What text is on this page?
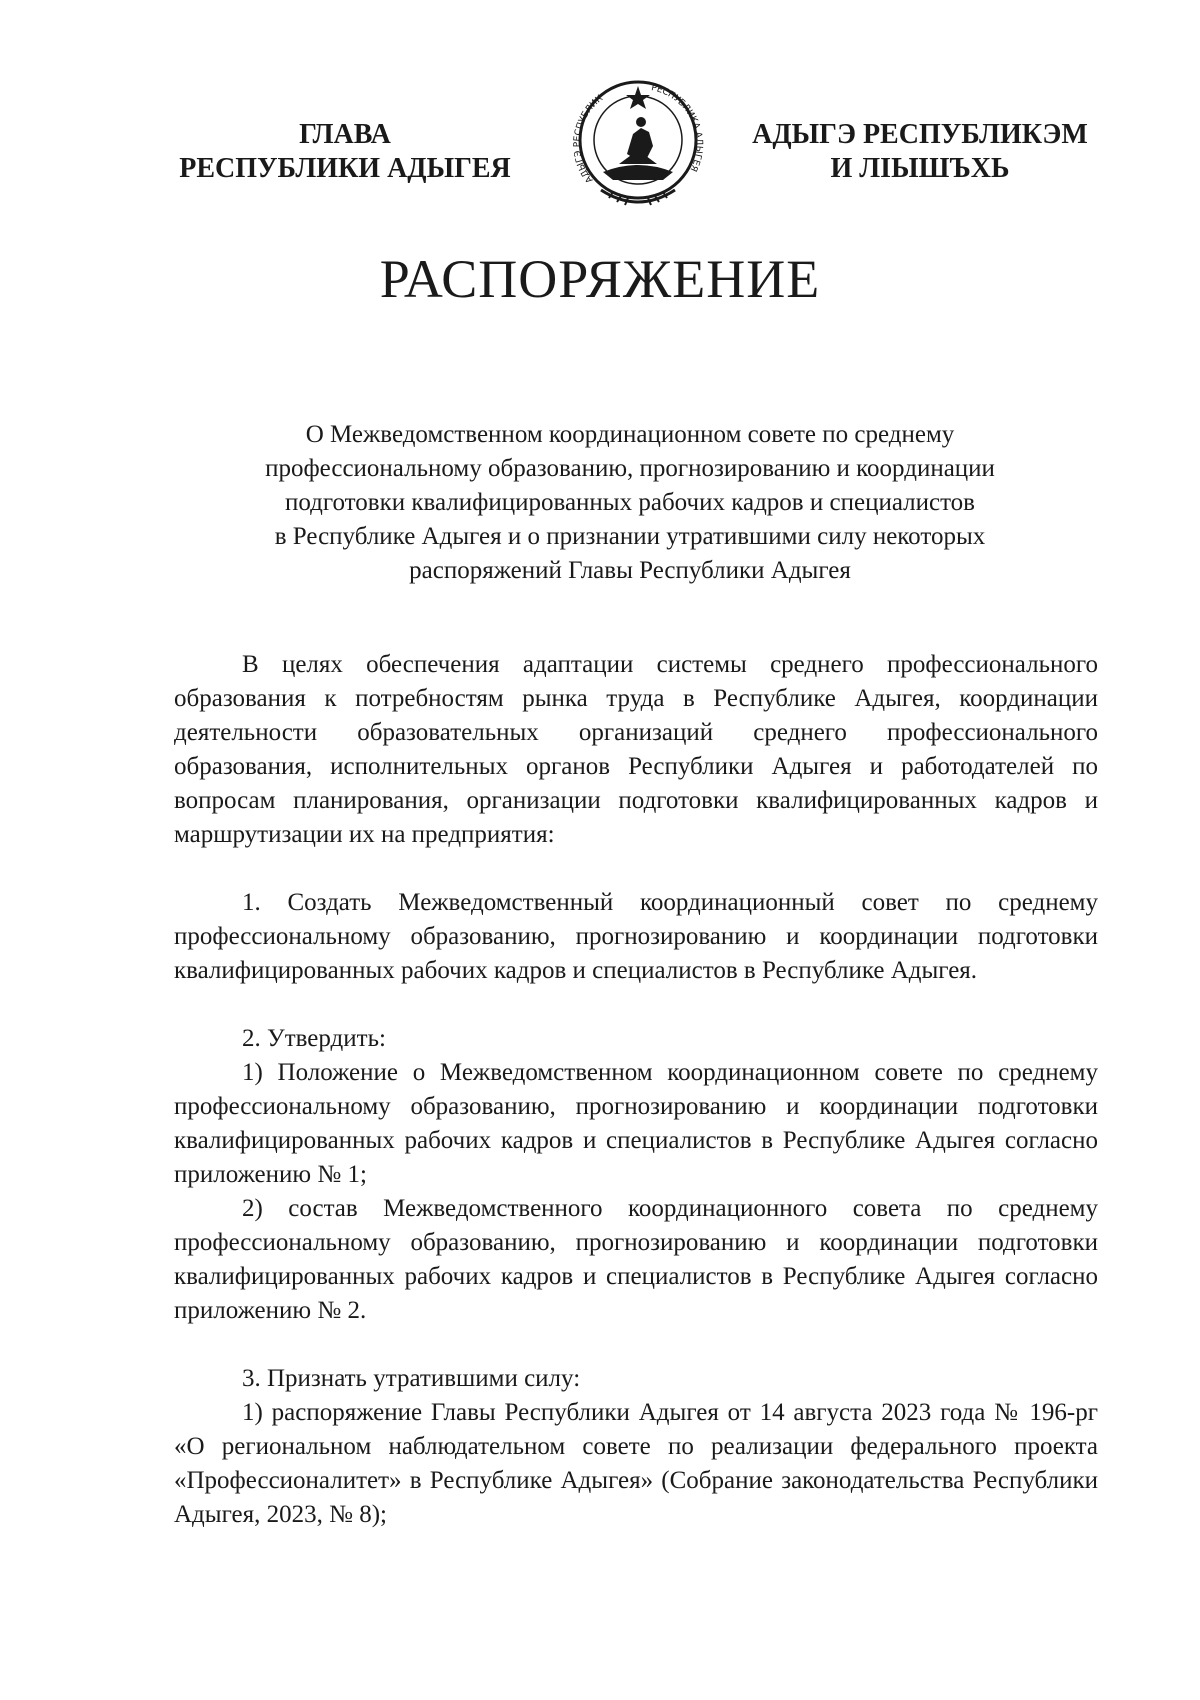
ГЛАВА
РЕСПУБЛИКИ АДЫГЕЯ	АДЫГЭ РЕСПУБЛИК
РЕСПУБЛИКА АДЫГЕЯ
АДЫГЭ РЕСПУБЛИКЭМ
И ЛIЫШЪХЬ
РАСПОРЯЖЕНИЕ
О Межведомственном координационном совете по среднему
профессиональному образованию, прогнозированию и координации
подготовки квалифицированных рабочих кадров и специалистов
в Республике Адыгея и о признании утратившими силу некоторых
распоряжений Главы Республики Адыгея

В целях обеспечения адаптации системы среднего профессионального образования к потребностям рынка труда в Республике Адыгея, координации деятельности образовательных организаций среднего профессионального образования, исполнительных органов Республики Адыгея и работодателей по вопросам планирования, организации подготовки квалифицированных кадров и маршрутизации их на предприятия:

1. Создать Межведомственный координационный совет по среднему профессиональному образованию, прогнозированию и координации подготовки квалифицированных рабочих кадров и специалистов в Республике Адыгея.

2. Утвердить:

1) Положение о Межведомственном координационном совете по среднему профессиональному образованию, прогнозированию и координации подготовки квалифицированных рабочих кадров и специалистов в Республике Адыгея согласно приложению № 1;

2) состав Межведомственного координационного совета по среднему профессиональному образованию, прогнозированию и координации подготовки квалифицированных рабочих кадров и специалистов в Республике Адыгея согласно приложению № 2.

3. Признать утратившими силу:

1) распоряжение Главы Республики Адыгея от 14 августа 2023 года № 196-рг «О региональном наблюдательном совете по реализации федерального проекта «Профессионалитет» в Республике Адыгея» (Собрание законодательства Республики Адыгея, 2023, № 8);
